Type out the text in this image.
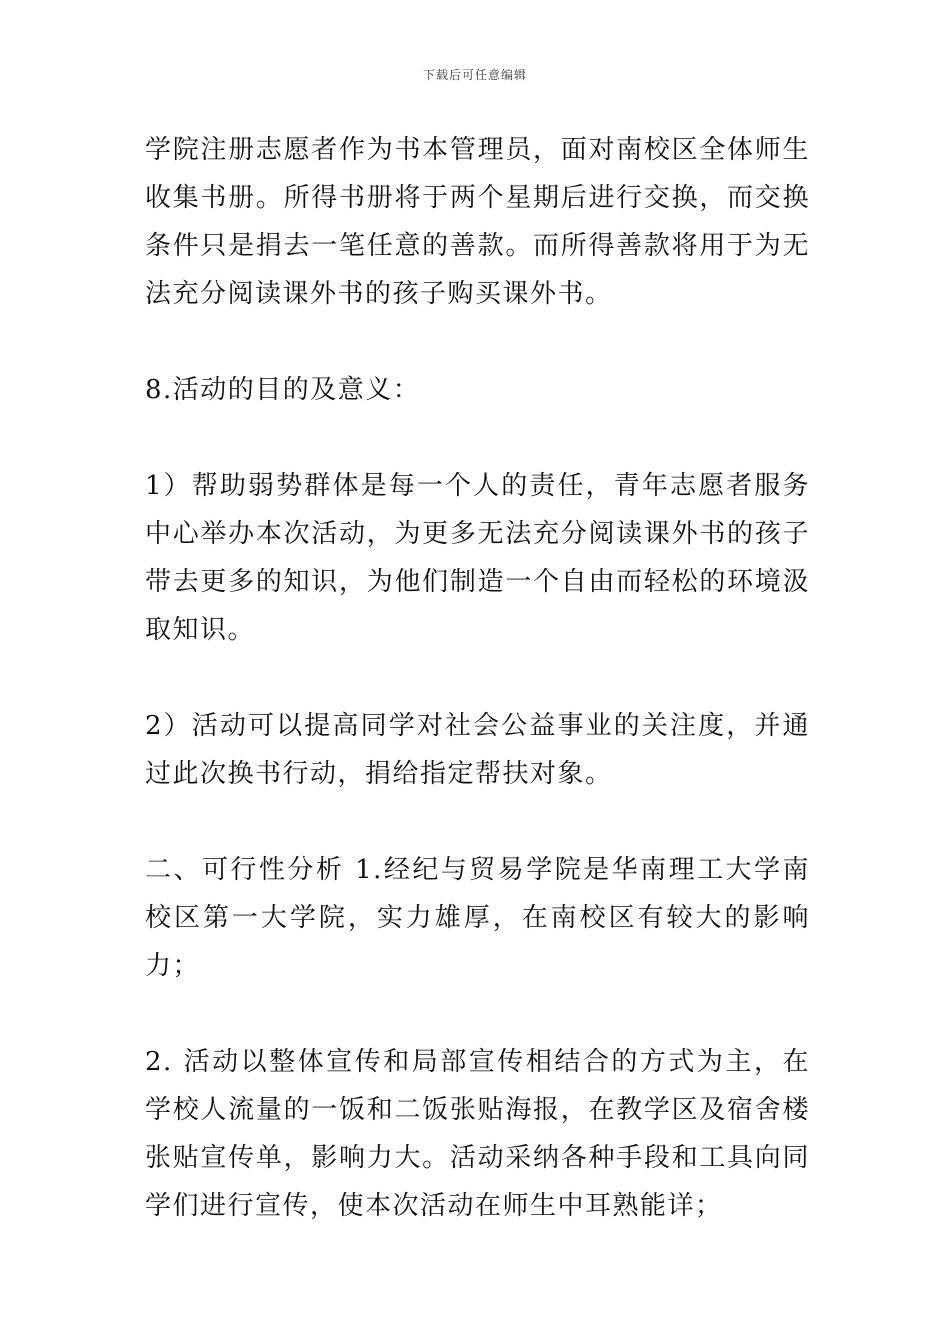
下载后可任意编辑

学院注册志愿者作为书本管理员，面对南校区全体师生收集书册。所得书册将于两个星期后进行交换，而交换条件只是捐去一笔任意的善款。而所得善款将用于为无法充分阅读课外书的孩子购买课外书。

8.活动的目的及意义：

1）帮助弱势群体是每一个人的责任，青年志愿者服务中心举办本次活动，为更多无法充分阅读课外书的孩子带去更多的知识，为他们制造一个自由而轻松的环境汲取知识。

2）活动可以提高同学对社会公益事业的关注度，并通过此次换书行动，捐给指定帮扶对象。

二、可行性分析 1.经纪与贸易学院是华南理工大学南校区第一大学院，实力雄厚，在南校区有较大的影响力；

2. 活动以整体宣传和局部宣传相结合的方式为主，在学校人流量的一饭和二饭张贴海报，在教学区及宿舍楼张贴宣传单，影响力大。活动采纳各种手段和工具向同学们进行宣传，使本次活动在师生中耳熟能详；
